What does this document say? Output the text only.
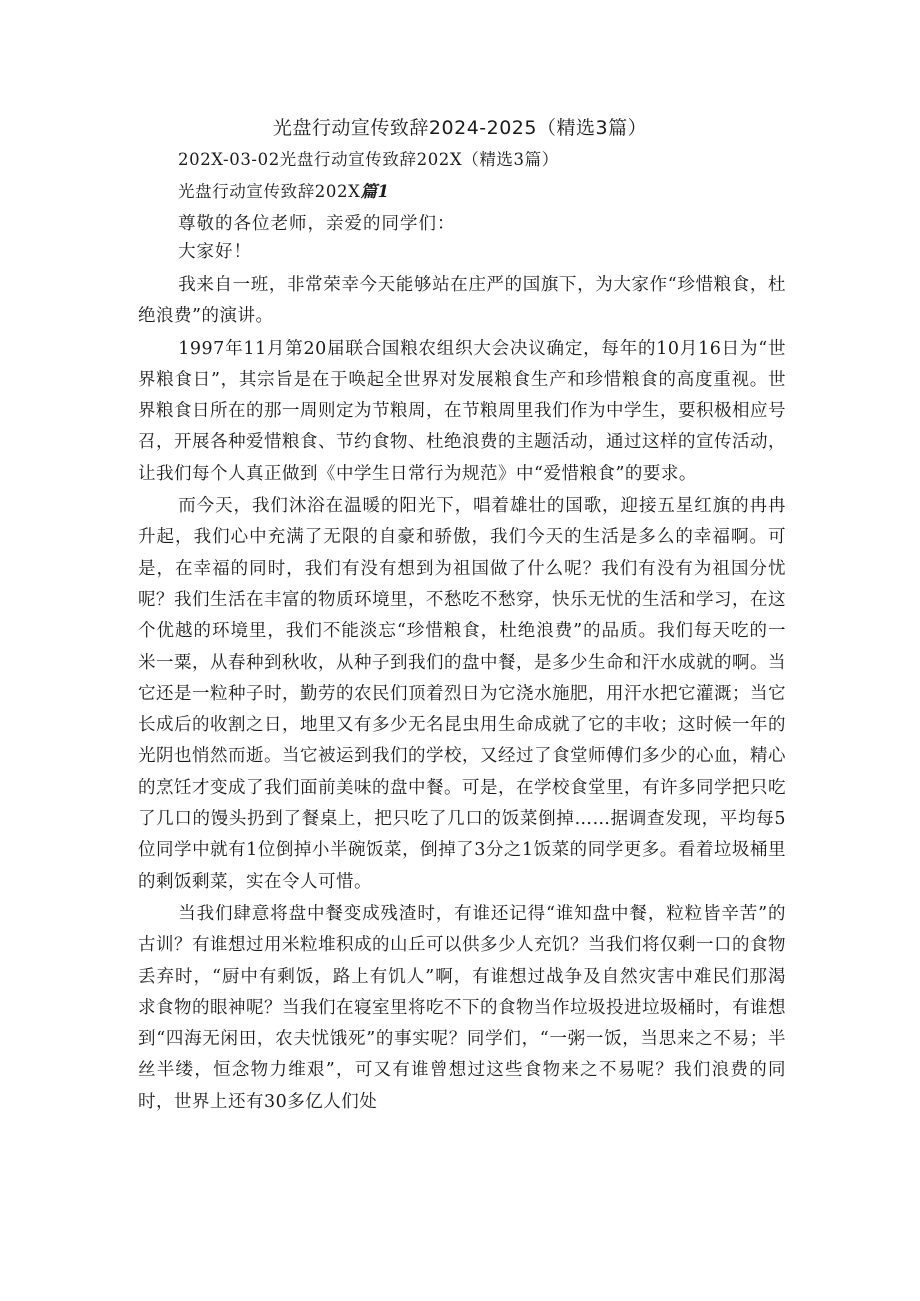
光盘行动宣传致辞2024-2025（精选3篇）
202X-03-02光盘行动宣传致辞202X（精选3篇）
光盘行动宣传致辞202X篇1
尊敬的各位老师，亲爱的同学们：
大家好！

我来自一班，非常荣幸今天能够站在庄严的国旗下，为大家作“珍惜粮食，杜绝浪费”的演讲。

1997年11月第20届联合国粮农组织大会决议确定，每年的10月16日为“世界粮食日”，其宗旨是在于唤起全世界对发展粮食生产和珍惜粮食的高度重视。世界粮食日所在的那一周则定为节粮周，在节粮周里我们作为中学生，要积极相应号召，开展各种爱惜粮食、节约食物、杜绝浪费的主题活动，通过这样的宣传活动，让我们每个人真正做到《中学生日常行为规范》中“爱惜粮食”的要求。

而今天，我们沐浴在温暖的阳光下，唱着雄壮的国歌，迎接五星红旗的冉冉升起，我们心中充满了无限的自豪和骄傲，我们今天的生活是多么的幸福啊。可是，在幸福的同时，我们有没有想到为祖国做了什么呢？我们有没有为祖国分忧呢？我们生活在丰富的物质环境里，不愁吃不愁穿，快乐无忧的生活和学习，在这个优越的环境里，我们不能淡忘“珍惜粮食，杜绝浪费”的品质。我们每天吃的一米一粟，从春种到秋收，从种子到我们的盘中餐，是多少生命和汗水成就的啊。当它还是一粒种子时，勤劳的农民们顶着烈日为它浇水施肥，用汗水把它灌溉；当它长成后的收割之日，地里又有多少无名昆虫用生命成就了它的丰收；这时候一年的光阴也悄然而逝。当它被运到我们的学校，又经过了食堂师傅们多少的心血，精心的烹饪才变成了我们面前美味的盘中餐。可是，在学校食堂里，有许多同学把只吃了几口的馒头扔到了餐桌上，把只吃了几口的饭菜倒掉……据调查发现，平均每5位同学中就有1位倒掉小半碗饭菜，倒掉了3分之1饭菜的同学更多。看着垃圾桶里的剩饭剩菜，实在令人可惜。

当我们肆意将盘中餐变成残渣时，有谁还记得“谁知盘中餐，粒粒皆辛苦”的古训？有谁想过用米粒堆积成的山丘可以供多少人充饥？当我们将仅剩一口的食物丢弃时，“厨中有剩饭，路上有饥人”啊，有谁想过战争及自然灾害中难民们那渴求食物的眼神呢？当我们在寝室里将吃不下的食物当作垃圾投进垃圾桶时，有谁想到“四海无闲田，农夫忧饿死”的事实呢？同学们，“一粥一饭，当思来之不易；半丝半缕，恒念物力维艰”，可又有谁曾想过这些食物来之不易呢？我们浪费的同时，世界上还有30多亿人们处
